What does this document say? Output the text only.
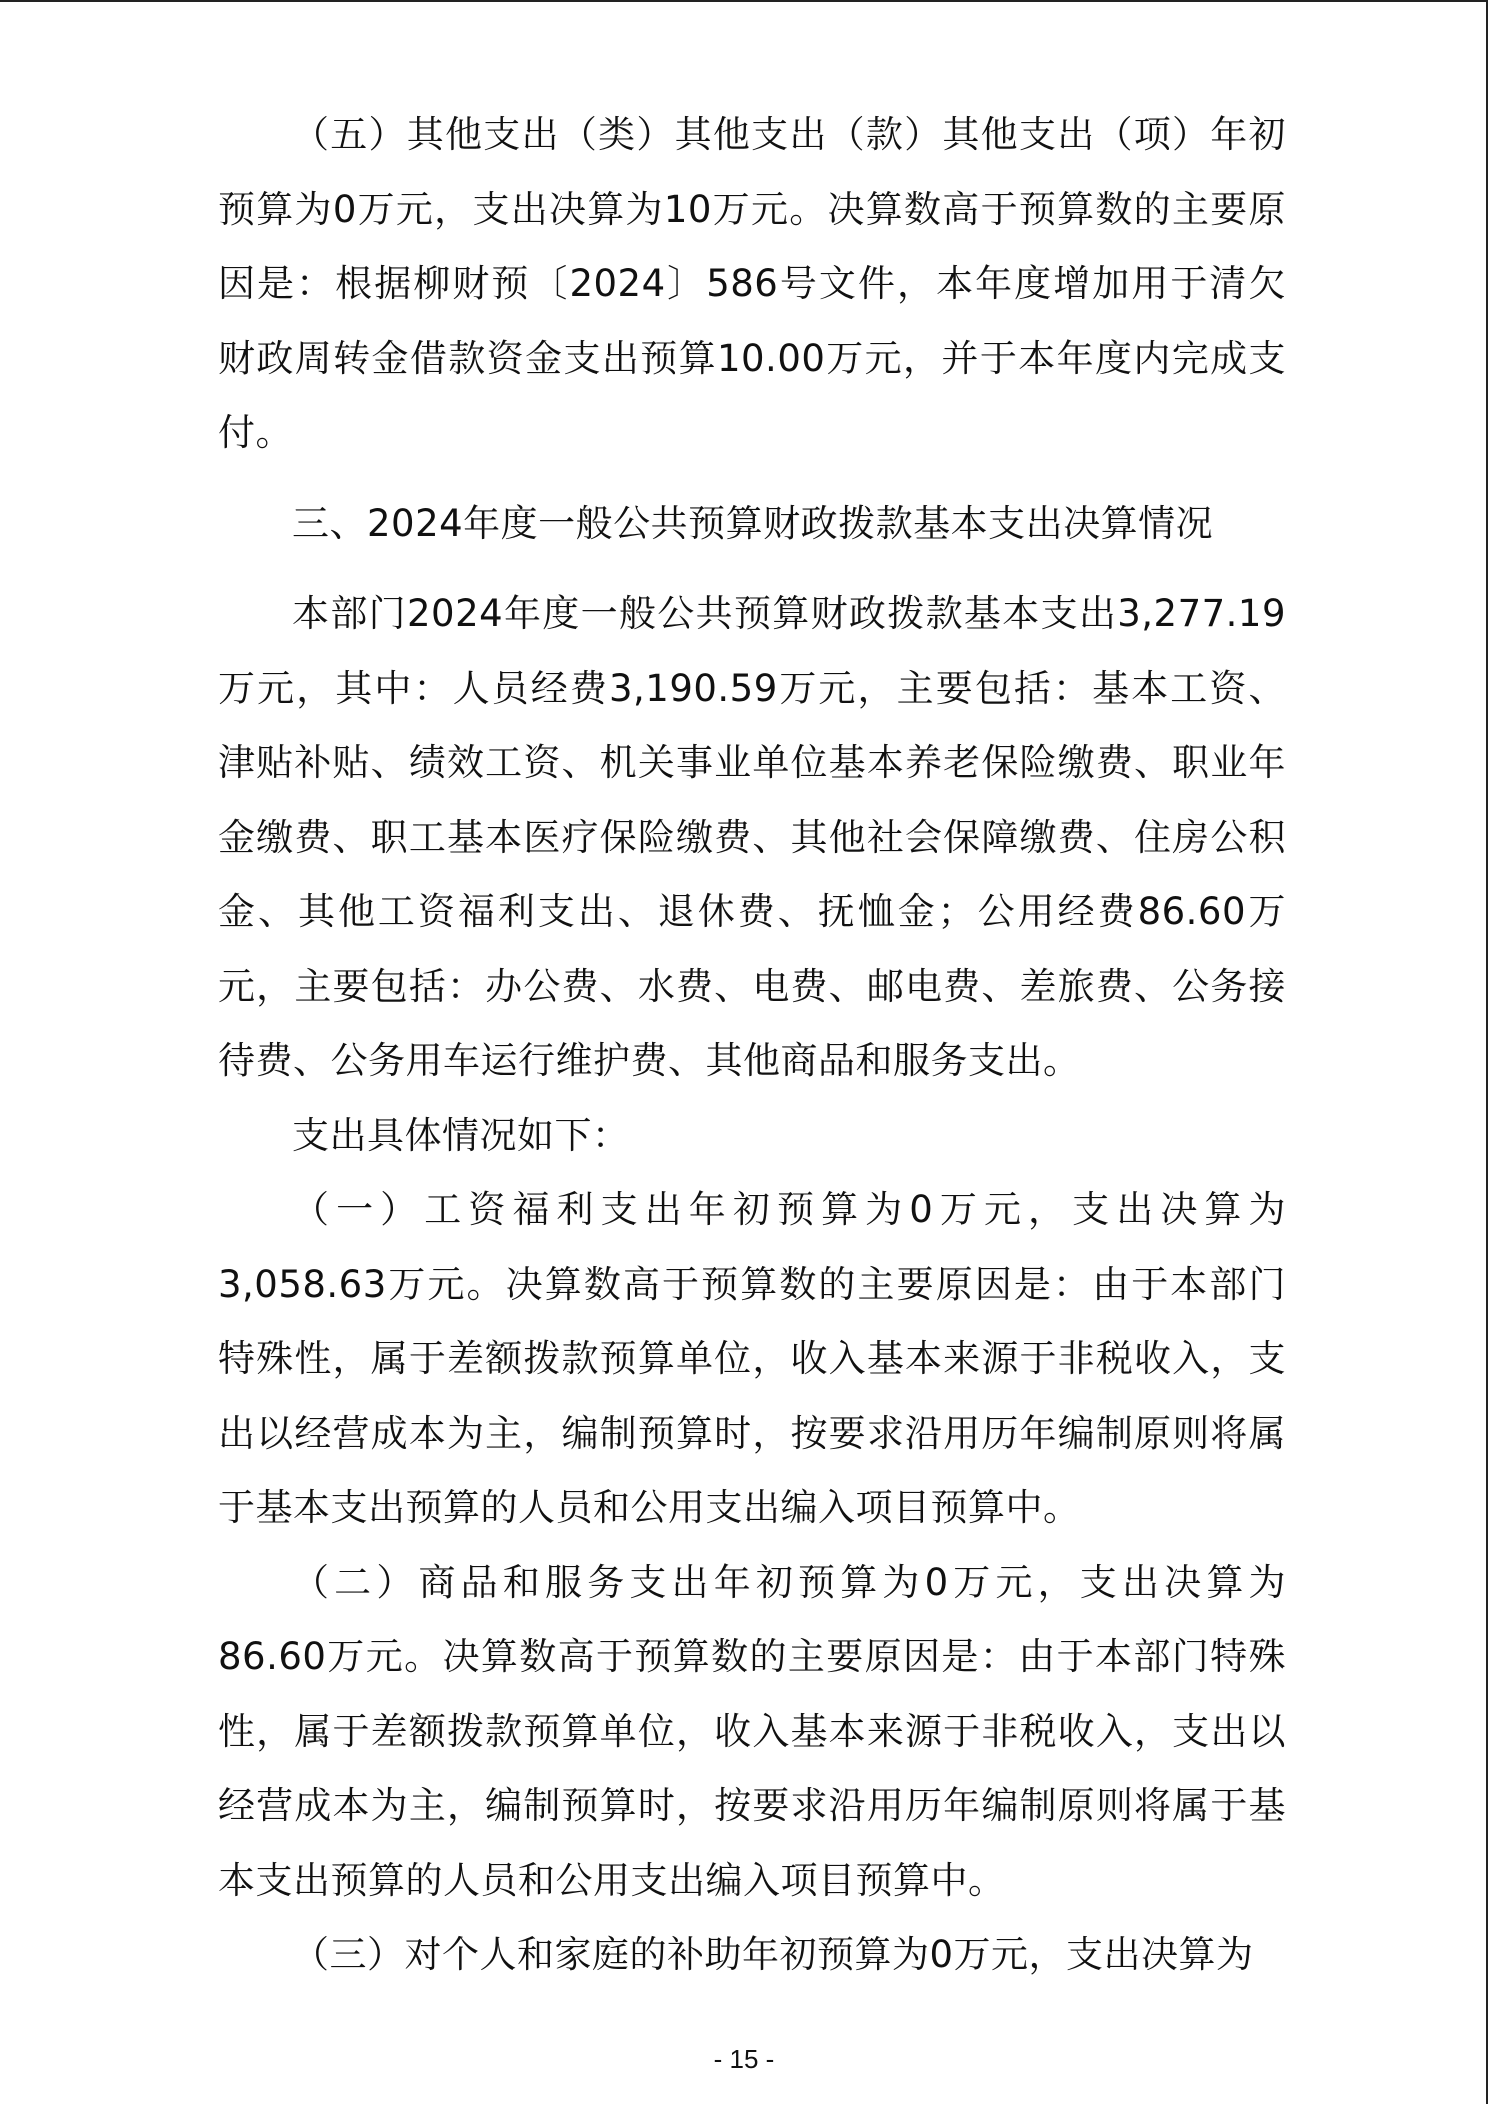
（五）其他支出（类）其他支出（款）其他支出（项）年初预算为0万元，支出决算为10万元。决算数高于预算数的主要原因是：根据柳财预〔2024〕586号文件，本年度增加用于清欠财政周转金借款资金支出预算10.00万元，并于本年度内完成支付。

三、2024年度一般公共预算财政拨款基本支出决算情况

本部门2024年度一般公共预算财政拨款基本支出3,277.19万元，其中：人员经费3,190.59万元，主要包括：基本工资、津贴补贴、绩效工资、机关事业单位基本养老保险缴费、职业年金缴费、职工基本医疗保险缴费、其他社会保障缴费、住房公积金、其他工资福利支出、退休费、抚恤金；公用经费86.60万元，主要包括：办公费、水费、电费、邮电费、差旅费、公务接待费、公务用车运行维护费、其他商品和服务支出。

支出具体情况如下：

（一）工资福利支出年初预算为0万元，支出决算为3,058.63万元。决算数高于预算数的主要原因是：由于本部门特殊性，属于差额拨款预算单位，收入基本来源于非税收入，支出以经营成本为主，编制预算时，按要求沿用历年编制原则将属于基本支出预算的人员和公用支出编入项目预算中。

（二）商品和服务支出年初预算为0万元，支出决算为86.60万元。决算数高于预算数的主要原因是：由于本部门特殊性，属于差额拨款预算单位，收入基本来源于非税收入，支出以经营成本为主，编制预算时，按要求沿用历年编制原则将属于基本支出预算的人员和公用支出编入项目预算中。

（三）对个人和家庭的补助年初预算为0万元，支出决算为

- 15 -
